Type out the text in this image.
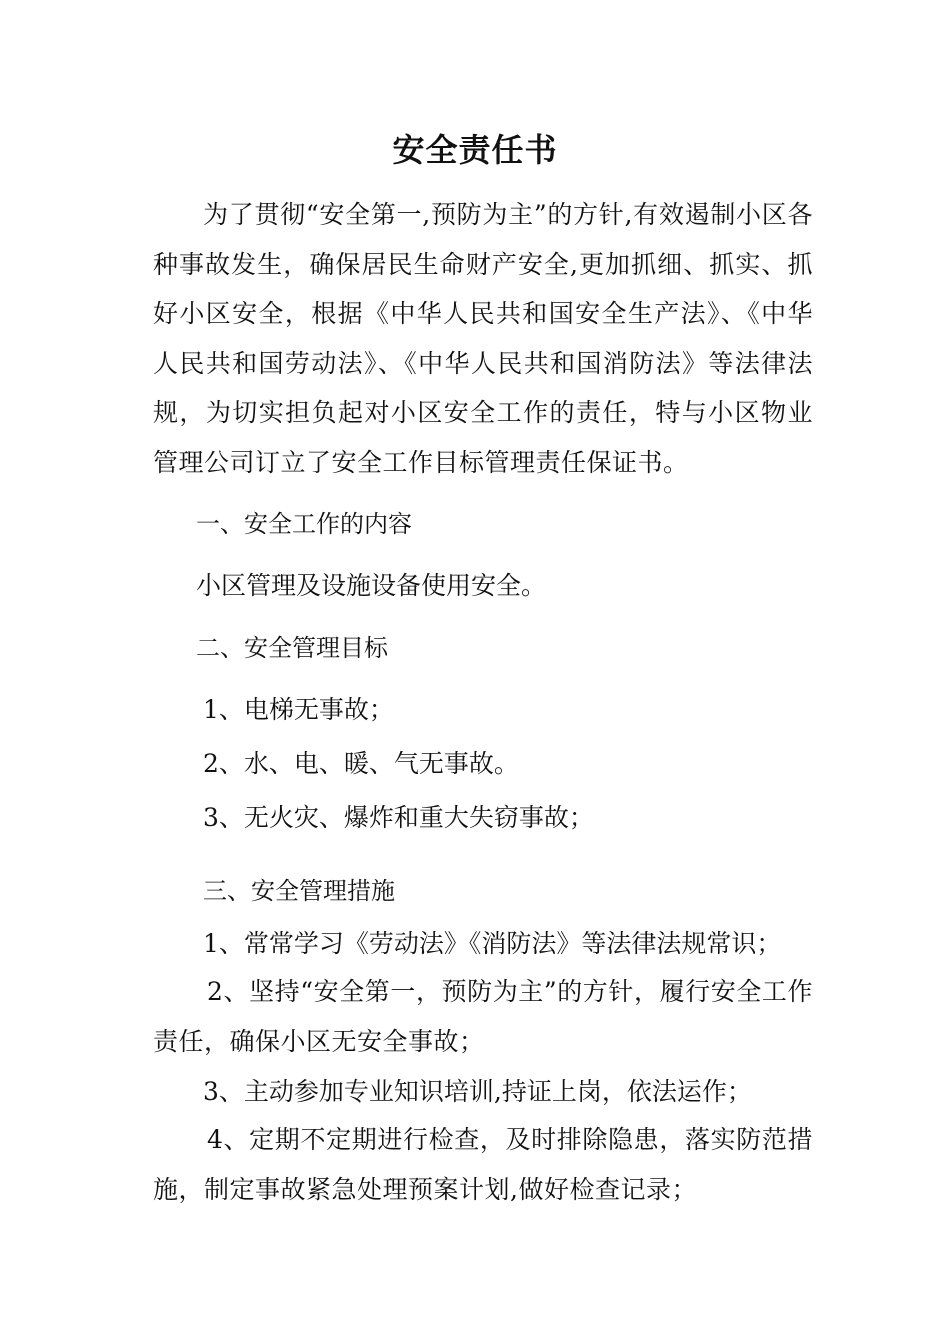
安全责任书

为了贯彻“安全第一,预防为主”的方针,有效遏制小区各种事故发生，确保居民生命财产安全,更加抓细、抓实、抓好小区安全，根据《中华人民共和国安全生产法》、《中华人民共和国劳动法》、《中华人民共和国消防法》等法律法规，为切实担负起对小区安全工作的责任，特与小区物业管理公司订立了安全工作目标管理责任保证书。

一、安全工作的内容

小区管理及设施设备使用安全。

二、安全管理目标

1、电梯无事故；

2、水、电、暖、气无事故。

3、无火灾、爆炸和重大失窃事故；

三、安全管理措施

1、常常学习《劳动法》《消防法》等法律法规常识；

2、坚持“安全第一，预防为主”的方针，履行安全工作责任，确保小区无安全事故；

3、主动参加专业知识培训,持证上岗，依法运作；

4、定期不定期进行检查，及时排除隐患，落实防范措施，制定事故紧急处理预案计划,做好检查记录；
